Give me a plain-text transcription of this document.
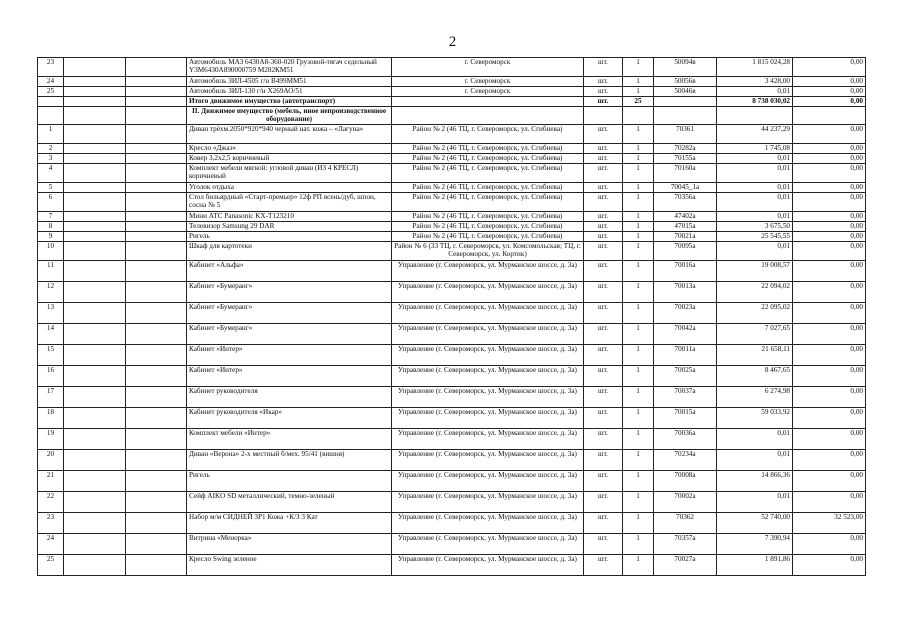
2
23			Автомобиль МАЗ 6430А8-360-020 Грузовой-тягач седельный Y3M6430A890000759 М282КМ51	г. Североморск	шт.	1	50094в	1 815 024,28	0,00
24			Автомобиль ЗИЛ-4505 г/н В499ММ51	г. Североморск	шт.	1	50056в	3 428,00	0,00
25			Автомобиль ЗИЛ-130 г/н Х269АО/51	г. Североморск	шт.	1	50046в	0,01	0,00
			Итого движимое имущество (автотранспорт)		шт.	25		8 738 030,02	0,00
			II. Движимое имущество (мебель, иное непроизводственное оборудование)						
1			Диван трёхм.2050*920*940 черный нат. кожа – «Лагуна»	Район № 2 (46 ТЦ, г. Североморск, ул. Сгибнева)	шт.	1	70361	44 237,29	0,00
2			Кресло «Джаз»	Район № 2 (46 ТЦ, г. Североморск, ул. Сгибнева)	шт.	1	70282а	1 745,08	0,00
3			Ковер 3,2х2,5 коричневый	Район № 2 (46 ТЦ, г. Североморск, ул. Сгибнева)	шт.	1	70155а	0,01	0,00
4			Комплект мебели мягкой: угловой диван (ИЗ 4 КРЕСЛ) коричневый	Район № 2 (46 ТЦ, г. Североморск, ул. Сгибнева)	шт.	1	70160а	0,01	0,00
5			Уголок отдыха	Район № 2 (46 ТЦ, г. Североморск, ул. Сгибнева)	шт.	1	70045_1а	0,01	0,00
6			Стол бильярдный «Старт-премьер» 12ф РП ясень/дуб, шпон, сосна № 5	Район № 2 (46 ТЦ, г. Североморск, ул. Сгибнева)	шт.	1	70356а	0,01	0,00
7			Мини АТС Panasonic KX-T123210	Район № 2 (46 ТЦ, г. Североморск, ул. Сгибнева)	шт.	1	47402а	0,01	0,00
8			Телевизор Samsung 29 DAR	Район № 2 (46 ТЦ, г. Североморск, ул. Сгибнева)	шт.	1	47015а	3 675,50	0,00
9			Ригель	Район № 2 (46 ТЦ, г. Североморск, ул. Сгибнева)	шт.	1	70021а	25 545,55	0,00
10			Шкаф для картотеки	Район № 6 (33 ТЦ, г. Североморск, ул. Комсомольская; ТЦ, г. Североморск, ул. Кортик)	шт.	1	70095а	0,01	0,00
11			Кабинет «Альфа»	Управление (г. Североморск, ул. Мурманское шоссе, д. 3а)	шт.	1	70016а	19 008,57	0,00
12			Кабинет «Бумеранг»	Управление (г. Североморск, ул. Мурманское шоссе, д. 3а)	шт.	1	70013а	22 094,02	0,00
13			Кабинет «Бумеранг»	Управление (г. Североморск, ул. Мурманское шоссе, д. 3а)	шт.	1	70023а	22 095,02	0,00
14			Кабинет «Бумеранг»	Управление (г. Североморск, ул. Мурманское шоссе, д. 3а)	шт.	1	70042а	7 027,65	0,00
15			Кабинет «Интер»	Управление (г. Североморск, ул. Мурманское шоссе, д. 3а)	шт.	1	70011а	21 658,11	0,00
16			Кабинет «Интер»	Управление (г. Североморск, ул. Мурманское шоссе, д. 3а)	шт.	1	70025а	8 467,65	0,00
17			Кабинет руководителя	Управление (г. Североморск, ул. Мурманское шоссе, д. 3а)	шт.	1	70037а	6 274,98	0,00
18			Кабинет руководителя «Икар»	Управление (г. Североморск, ул. Мурманское шоссе, д. 3а)	шт.	1	70015а	59 033,92	0,00
19			Комплект мебели «Интер»	Управление (г. Североморск, ул. Мурманское шоссе, д. 3а)	шт.	1	70036а	0,01	0,00
20			Диван «Верона» 2-х местный б/мех. 95/41 (вишня)	Управление (г. Североморск, ул. Мурманское шоссе, д. 3а)	шт.	1	70234а	0,01	0,00
21			Ригель	Управление (г. Североморск, ул. Мурманское шоссе, д. 3а)	шт.	1	70008а	14 866,36	0,00
22			Сейф AIKO SD металлический, темно-зеленый	Управление (г. Североморск, ул. Мурманское шоссе, д. 3а)	шт.	1	70002а	0,01	0,00
23			Набор м/м СИДНЕЙ 3Р1 Кожа +К/З 3 Кат	Управление (г. Североморск, ул. Мурманское шоссе, д. 3а)	шт.	1	70362	52 740,00	32 523,00
24			Витрина «Менорка»	Управление (г. Североморск, ул. Мурманское шоссе, д. 3а)	шт.	1	70357а	7 390,94	0,00
25			Кресло Swing зеленое	Управление (г. Североморск, ул. Мурманское шоссе, д. 3а)	шт.	1	70027а	1 891,86	0,00
